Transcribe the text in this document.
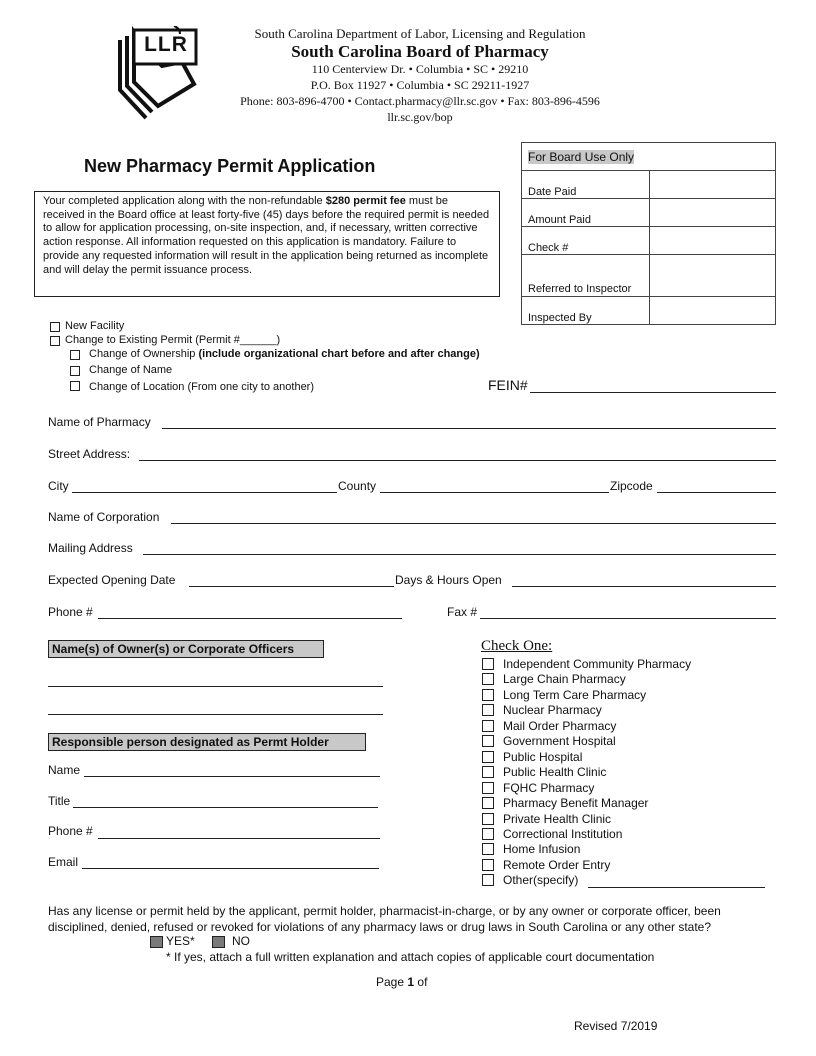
LLR	South Carolina Department of Labor, Licensing and Regulation
South Carolina Board of Pharmacy
110 Centerview Dr. • Columbia • SC • 29210
P.O. Box 11927 • Columbia • SC 29211-1927
Phone: 803-896-4700 • Contact.pharmacy@llr.sc.gov • Fax: 803-896-4596
llr.sc.gov/bop
New Pharmacy Permit Application
Your completed application along with the non-refundable $280 permit fee must be received in the Board office at least forty-five (45) days before the required permit is needed to allow for application processing, on-site inspection, and, if necessary, written corrective action response. All information requested on this application is mandatory. Failure to provide any requested information will result in the application being returned as incomplete and will delay the permit issuance process.
For Board Use Only	
Date Paid	
Amount Paid	
Check #	
Referred to Inspector	
Inspected By	
New Facility
Change to Existing Permit (Permit #______)
Change of Ownership (include organizational chart before and after change)
Change of Name
Change of Location (From one city to another)	FEIN#
Name of Pharmacy
Street Address:
City	County	Zipcode
Name of Corporation
Mailing Address
Expected Opening Date	Days & Hours Open
Phone #	Fax #
Name(s) of Owner(s) or Corporate Officers
Responsible person designated as Permt Holder
Name
Title
Phone #
Email
Check One:
Independent Community Pharmacy
Large Chain Pharmacy
Long Term Care Pharmacy
Nuclear Pharmacy
Mail Order Pharmacy
Government Hospital
Public Hospital
Public Health Clinic
FQHC Pharmacy
Pharmacy Benefit Manager
Private Health Clinic
Correctional Institution
Home Infusion
Remote Order Entry
Other(specify)
Has any license or permit held by the applicant, permit holder, pharmacist-in-charge, or by any owner or corporate officer, been disciplined, denied, refused or revoked for violations of any pharmacy laws or drug laws in South Carolina or any other state?
YES*	NO
* If yes, attach a full written explanation and attach copies of applicable court documentation
Page 1 of
Revised 7/2019
